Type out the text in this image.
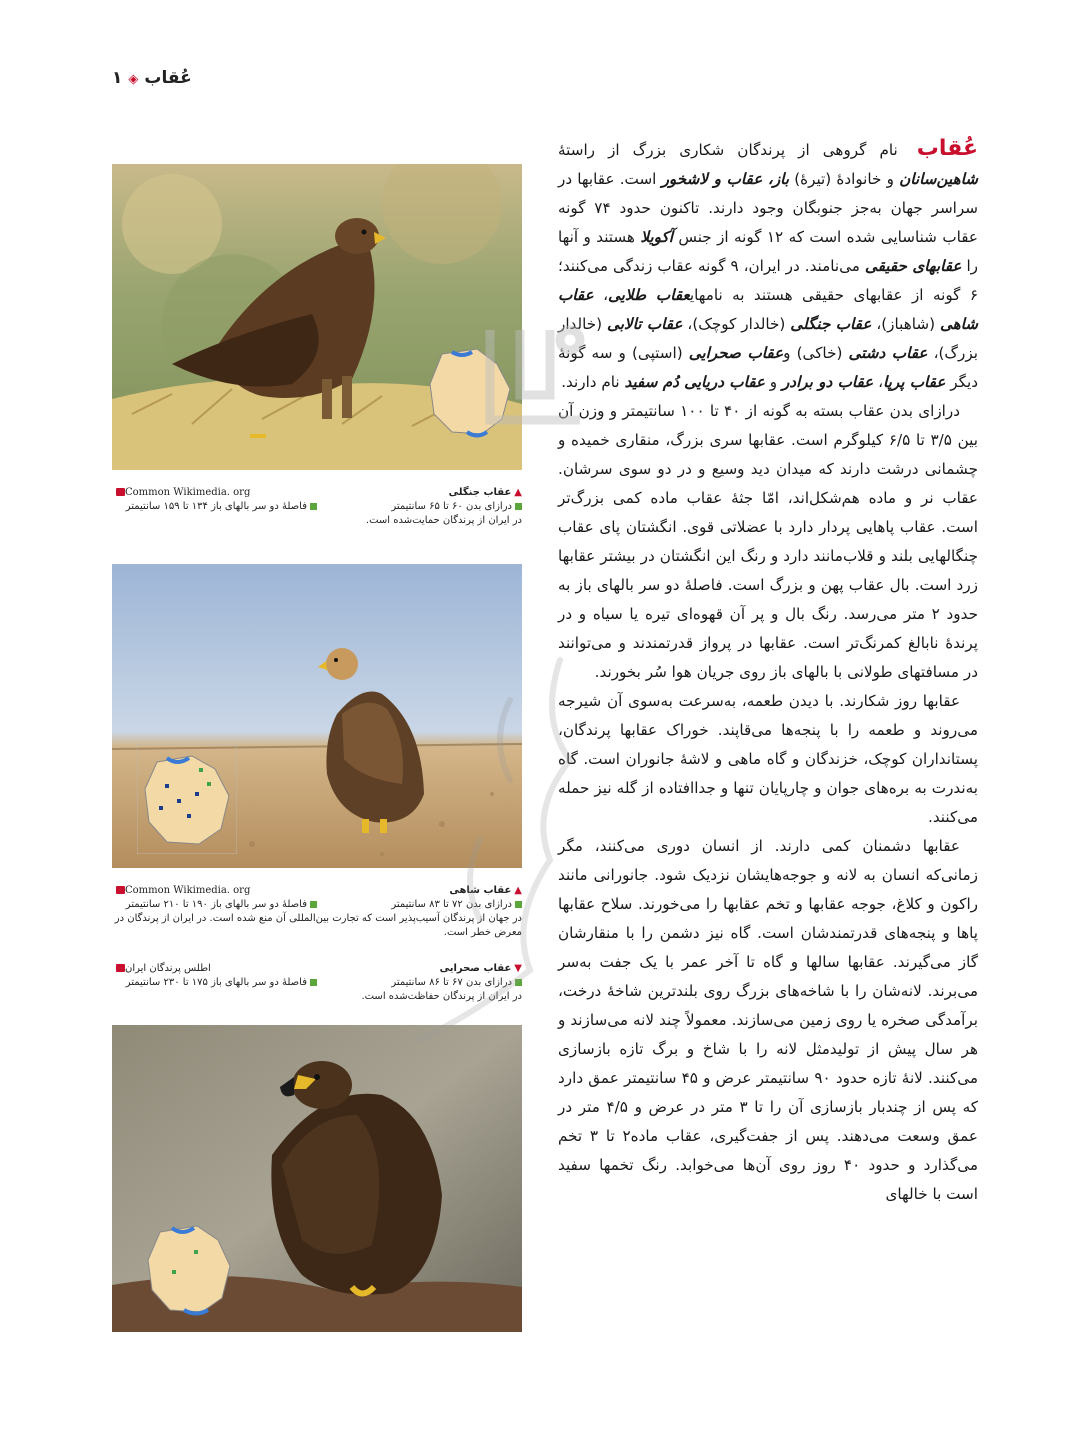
عُقاب◈۱
▲عقاب جنگلی
Common Wikimedia. org
درازای بدن ۶۰ تا ۶۵ سانتیمتر
فاصلهٔ دو سر بالهای باز ۱۳۴ تا ۱۵۹ سانتیمتر
در ایران از پرندگان حمایت‌شده است.
▲عقاب شاهی
Common Wikimedia. org
درازای بدن ۷۲ تا ۸۳ سانتیمتر
فاصلهٔ دو سر بالهای باز ۱۹۰ تا ۲۱۰ سانتیمتر
در جهان از پرندگان آسیب‌پذیر است که تجارت بین‌المللی آن منع شده است. در ایران از پرندگان در معرض خطر است.
▼عقاب صحرایی
اطلس پرندگان ایران
درازای بدن ۶۷ تا ۸۶ سانتیمتر
فاصلهٔ دو سر بالهای باز ۱۷۵ تا ۲۳۰ سانتیمتر
در ایران از پرندگان حفاظت‌شده است.

عُقاب نام گروهی از پرندگان شکاری بزرگ از راستهٔ شاهین‌سانان و خانوادهٔ (تیرهٔ) باز، عقاب و لاشخور است. عقابها در سراسر جهان به‌جز جنوبگان وجود دارند. تاکنون حدود ۷۴ گونه عقاب شناسایی شده است که ۱۲ گونه از جنس آکویلا هستند و آنها را عقابهای حقیقی می‌نامند. در ایران، ۹ گونه عقاب زندگی می‌کنند؛ ۶ گونه از عقابهای حقیقی هستند به نامهایعقاب طلایی، عقاب شاهی (شاهباز)، عقاب جنگلی (خالدار کوچک)، عقاب تالابی (خالدار بزرگ)، عقاب دشتی (خاکی) وعقاب صحرایی (استپی) و سه گونهٔ دیگر عقاب پرپا، عقاب دو برادر و عقاب دریایی دُم سفید نام دارند.

درازای بدن عقاب بسته به گونه از ۴۰ تا ۱۰۰ سانتیمتر و وزن آن بین ۳/۵ تا ۶/۵ کیلوگرم است. عقابها سری بزرگ، منقاری خمیده و چشمانی درشت دارند که میدان دید وسیع و در دو سوی سرشان. عقاب نر و ماده هم‌شکل‌اند، امّا جثهٔ عقاب ماده کمی بزرگ‌تر است. عقاب پاهایی پردار دارد با عضلاتی قوی. انگشتان پای عقاب چنگالهایی بلند و قلاب‌مانند دارد و رنگ این انگشتان در بیشتر عقابها زرد است. بال عقاب پهن و بزرگ است. فاصلهٔ دو سر بالهای باز به حدود ۲ متر می‌رسد. رنگ بال و پر آن قهوه‌ای تیره یا سیاه و در پرندهٔ نابالغ کمرنگ‌تر است. عقابها در پرواز قدرتمندند و می‌توانند در مسافتهای طولانی با بالهای باز روی جریان هوا سُر بخورند.

عقابها روز شکارند. با دیدن طعمه، به‌سرعت به‌سوی آن شیرجه می‌روند و طعمه را با پنجه‌ها می‌قاپند. خوراک عقابها پرندگان، پستانداران کوچک، خزندگان و گاه ماهی و لاشهٔ جانوران است. گاه به‌ندرت به بره‌های جوان و چارپایان تنها و جداافتاده از گله نیز حمله می‌کنند.

عقابها دشمنان کمی دارند. از انسان دوری می‌کنند، مگر زمانی‌که انسان به لانه و جوجه‌هایشان نزدیک شود. جانورانی مانند راکون و کلاغ، جوجه عقابها و تخم عقابها را می‌خورند. سلاح عقابها پاها و پنجه‌های قدرتمندشان است. گاه نیز دشمن را با منقارشان گاز می‌گیرند. عقابها سالها و گاه تا آخر عمر با یک جفت به‌سر می‌برند. لانه‌شان را با شاخه‌های بزرگ روی بلندترین شاخهٔ درخت، برآمدگی صخره یا روی زمین می‌سازند. معمولاً چند لانه می‌سازند و هر سال پیش از تولیدمثل لانه را با شاخ و برگ تازه بازسازی می‌کنند. لانهٔ تازه حدود ۹۰ سانتیمتر عرض و ۴۵ سانتیمتر عمق دارد که پس از چندبار بازسازی آن را تا ۳ متر در عرض و ۴/۵ متر در عمق وسعت می‌دهند. پس از جفت‌گیری، عقاب ماده۲ تا ۳ تخم می‌گذارد و حدود ۴۰ روز روی آن‌ها می‌خوابد. رنگ تخمها سفید است با خالهای
